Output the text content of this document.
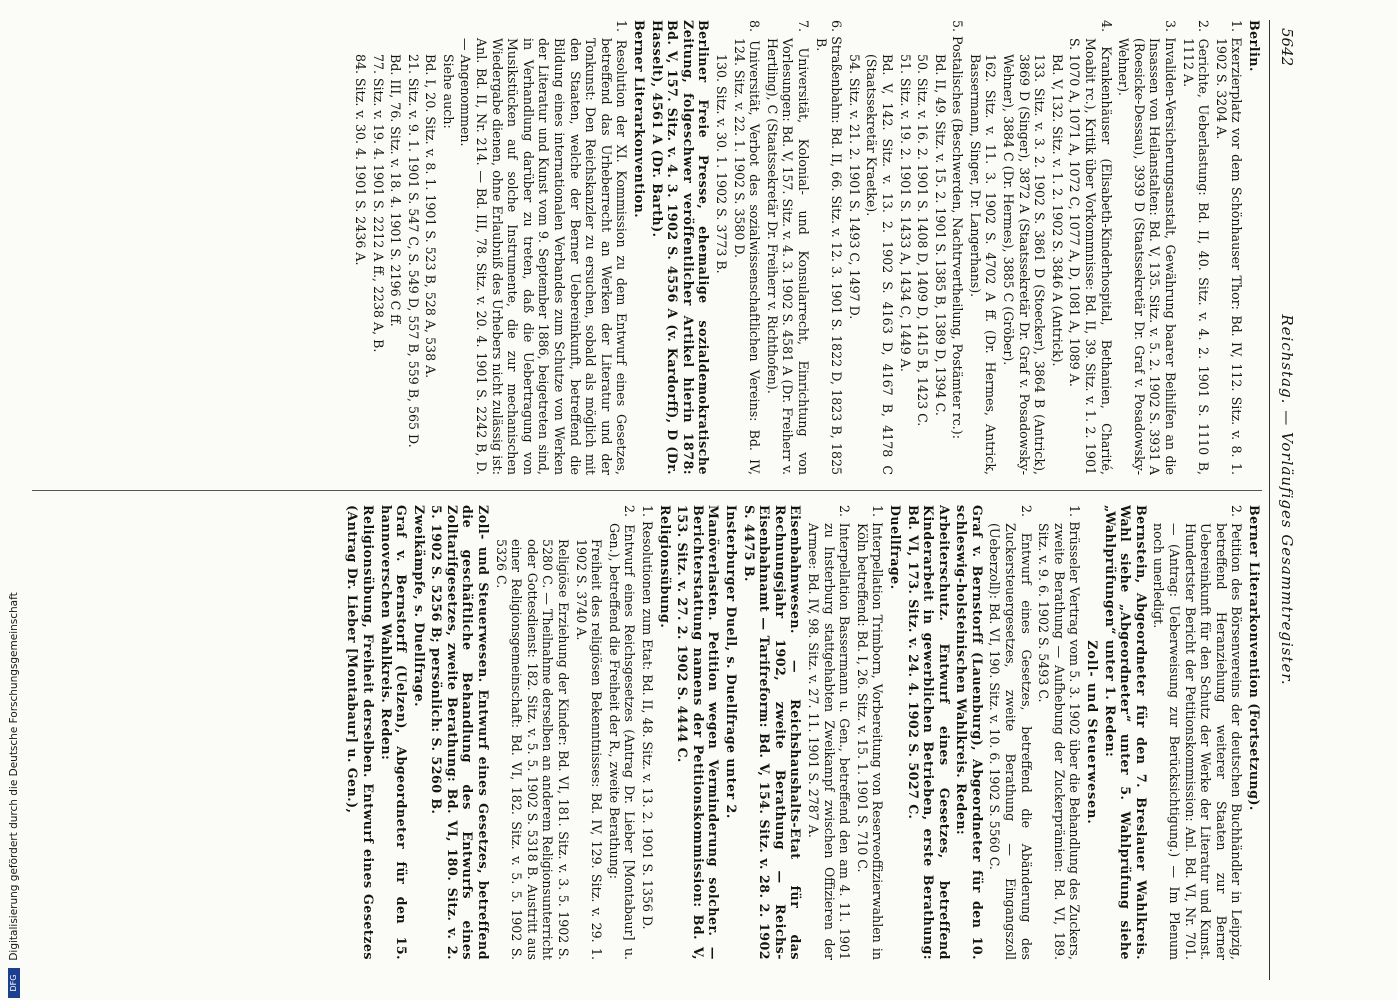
5642
Reichstag. — Vorläufiges Gesammtregister.

Berlin.

1. Exerzierplatz vor dem Schönhauser Thor: Bd. IV, 112. Sitz. v. 8. 1. 1902 S. 3204 A.

2. Gerichte, Ueberlastung: Bd. II, 40. Sitz. v. 4. 2. 1901 S. 1110 B, 1112 A.

3. Invaliden-Versicherungsanstalt, Gewährung baarer Beihilfen an die Insassen von Heilanstalten: Bd. V, 135. Sitz. v. 5. 2. 1902 S. 3931 A (Roesicke-Dessau), 3939 D (Staatssekretär Dr. Graf v. Posadowsky-Wehner).

4. Krankenhäuser (Elisabeth-Kinderhospital, Bethanien, Charité, Moabit rc.), Kritik über Vorkommnisse: Bd. II, 39. Sitz. v. 1. 2. 1901 S. 1070 A, 1071 A, 1072 C, 1077 A, D, 1081 A, 1089 A.

Bd. V, 132. Sitz. v. 1. 2. 1902 S. 3846 A (Antrick).

133. Sitz. v. 3. 2. 1902 S. 3861 D (Stoecker), 3864 B (Antrick), 3869 D (Singer), 3872 A (Staatssekretär Dr. Graf v. Posadowsky-Wehner), 3884 C (Dr. Hermes), 3885 C (Gröber).

162. Sitz. v. 11. 3. 1902 S. 4702 A ff. (Dr. Hermes, Antrick, Bassermann, Singer, Dr. Langerhans).

5. Postalisches (Beschwerden, Nachtrvertheilung, Postämter rc.):

Bd. II, 49. Sitz. v. 15. 2. 1901 S. 1385 B, 1389 D, 1394 C.

50. Sitz. v. 16. 2. 1901 S. 1408 D, 1409 D, 1415 B, 1423 C.

51. Sitz. v. 19. 2. 1901 S. 1433 A, 1434 C, 1449 A.

Bd. V, 142. Sitz. v. 13. 2. 1902 S. 4163 D, 4167 B, 4178 C (Staatssekretär Kraetke).

54. Sitz. v. 21. 2. 1901 S. 1493 C, 1497 D.

6. Straßenbahn: Bd. II, 66. Sitz. v. 12. 3. 1901 S. 1822 D, 1823 B, 1825 B.

7. Universität, Kolonial- und Konsularrecht, Einrichtung von Vorlesungen: Bd. V, 157. Sitz. v. 4. 3. 1902 S. 4581 A (Dr. Freiherr v. Hertling), C (Staatssekretär Dr. Freiherr v. Richthofen).

8. Universität, Verbot des sozialwissenschaftlichen Vereins: Bd. IV, 124. Sitz. v. 22. 1. 1902 S. 3580 D.

130. Sitz. v. 30. 1. 1902 S. 3773 B.

Berliner Freie Presse, ehemalige sozialdemokratische Zeitung, folgeschwer veröffentlicher Artikel hierin 1878: Bd. V, 157. Sitz. v. 4. 3. 1902 S. 4556 A (v. Kardorff), D (Dr. Hasselt), 4561 A (Dr. Barth).

Berner Literarkonvention.

1. Resolution der XI. Kommission zu dem Entwurf eines Gesetzes, betreffend das Urheberrecht an Werken der Literatur und der Tonkunst: Den Reichskanzler zu ersuchen, sobald als möglich mit den Staaten, welche der Berner Uebereinkunft, betreffend die Bildung eines internationalen Verbandes zum Schutze von Werken der Literatur und Kunst vom 9. September 1886, beigetreten sind, in Verhandlung darüber zu treten, daß die Uebertragung von Musikstücken auf solche Instrumente, die zur mechanischen Wiedergabe dienen, ohne Erlaubniß des Urhebers nicht zulässig ist: Anl. Bd. II, Nr. 214. — Bd. III, 78. Sitz. v. 20. 4. 1901 S. 2242 B, D. — Angenommen.

Siehe auch:

Bd. I, 20. Sitz. v. 8. 1. 1901 S. 523 B, 528 A, 538 A.

21. Sitz. v. 9. 1. 1901 S. 547 C, S. 549 D, 557 B, 559 B, 565 D.

Bd. III, 76. Sitz. v. 18. 4. 1901 S. 2196 C ff.

77. Sitz. v. 19. 4. 1901 S. 2212 A ff., 2238 A, B.

84. Sitz. v. 30. 4. 1901 S. 2436 A.

Berner Literarkonvention (Fortsetzung).

2. Petition des Börsenvereins der deutschen Buchhändler in Leipzig, betreffend Heranziehung weiterer Staaten zur Berner Uebereinkunft für den Schutz der Werke der Literatur und Kunst. Hundertster Bericht der Petitionskommission: Anl. Bd. VI, Nr. 701. — (Antrag: Ueberweisung zur Berücksichtigung.) — Im Plenum noch unerledigt.

Bernstein, Abgeordneter für den 7. Breslauer Wahlkreis. Wahl siehe „Abgeordneter“ unter 5. Wahlprüfung siehe „Wahlprüfungen“ unter 1. Reden:

Zoll- und Steuerwesen.

1. Brüsseler Vertrag vom 5. 3. 1902 über die Behandlung des Zuckers, zweite Berathung — Aufhebung der Zuckerprämien: Bd. VI, 189. Sitz. v. 9. 6. 1902 S. 5493 C.

2. Entwurf eines Gesetzes, betreffend die Abänderung des Zuckersteuergesetzes, zweite Berathung — Eingangszoll (Ueberzoll): Bd. VI, 190. Sitz. v. 10. 6. 1902 S. 5560 C.

Graf v. Bernstorff (Lauenburg), Abgeordneter für den 10. schleswig-holsteinischen Wahlkreis. Reden:

Arbeiterschutz. Entwurf eines Gesetzes, betreffend Kinderarbeit in gewerblichen Betrieben, erste Berathung: Bd. VI, 173. Sitz. v. 24. 4. 1902 S. 5027 C.

Duellfrage.

1. Interpellation Trimborn, Vorbereitung von Reserveoffizierwahlen in Köln betreffend: Bd. I, 26. Sitz. v. 15. 1. 1901 S. 710 C.

2. Interpellation Bassermann u. Gen., betreffend den am 4. 11. 1901 zu Insterburg stattgehabten Zweikampf zwischen Offizieren der Armee: Bd. IV, 98. Sitz. v. 27. 11. 1901 S. 2787 A.

Eisenbahnwesen. — Reichshaushalts-Etat für das Rechnungsjahr 1902, zweite Berathung — Reichs-Eisenbahnamt — Tarifreform: Bd. V, 154. Sitz. v. 28. 2. 1902 S. 4475 B.

Insterburger Duell, s. Duellfrage unter 2.

Manöverlasten. Petition wegen Verminderung solcher. — Berichterstattung namens der Petitionskommission: Bd. V, 153. Sitz. v. 27. 2. 1902 S. 4444 C.

Religionsübung.

1. Resolutionen zum Etat: Bd. II, 48. Sitz. v. 13. 2. 1901 S. 1356 D.

2. Entwurf eines Reichsgesetzes (Antrag Dr. Lieber [Montabaur] u. Gen.), betreffend die Freiheit der R., zweite Berathung:

Freiheit des religiösen Bekenntnisses: Bd. IV, 129. Sitz. v. 29. 1. 1902 S. 3740 A.

Religiöse Erziehung der Kinder: Bd. VI, 181. Sitz. v. 3. 5. 1902 S. 5280 C. — Theilnahme derselben an anderem Religionsunterricht oder Gottesdienst: 182. Sitz. v. 5. 5. 1902 S. 5318 B. Austritt aus einer Religionsgemeinschaft: Bd. VI, 182. Sitz. v. 5. 5. 1902 S. 5326 C.

Zoll- und Steuerwesen. Entwurf eines Gesetzes, betreffend die geschäftliche Behandlung des Entwurfs eines Zolltarifgesetzes, zweite Berathung: Bd. VI, 180. Sitz. v. 2. 5. 1902 S. 5256 B; persönlich: S. 5260 B.

Zweikämpfe, s. Duellfrage.

Graf v. Bernstorff (Uelzen), Abgeordneter für den 15. hannoverschen Wahlkreis. Reden:

Religionsübung, Freiheit derselben. Entwurf eines Gesetzes (Antrag Dr. Lieber [Montabaur] u. Gen.),

DFG Digitalisierung gefördert durch die Deutsche Forschungsgemeinschaft
